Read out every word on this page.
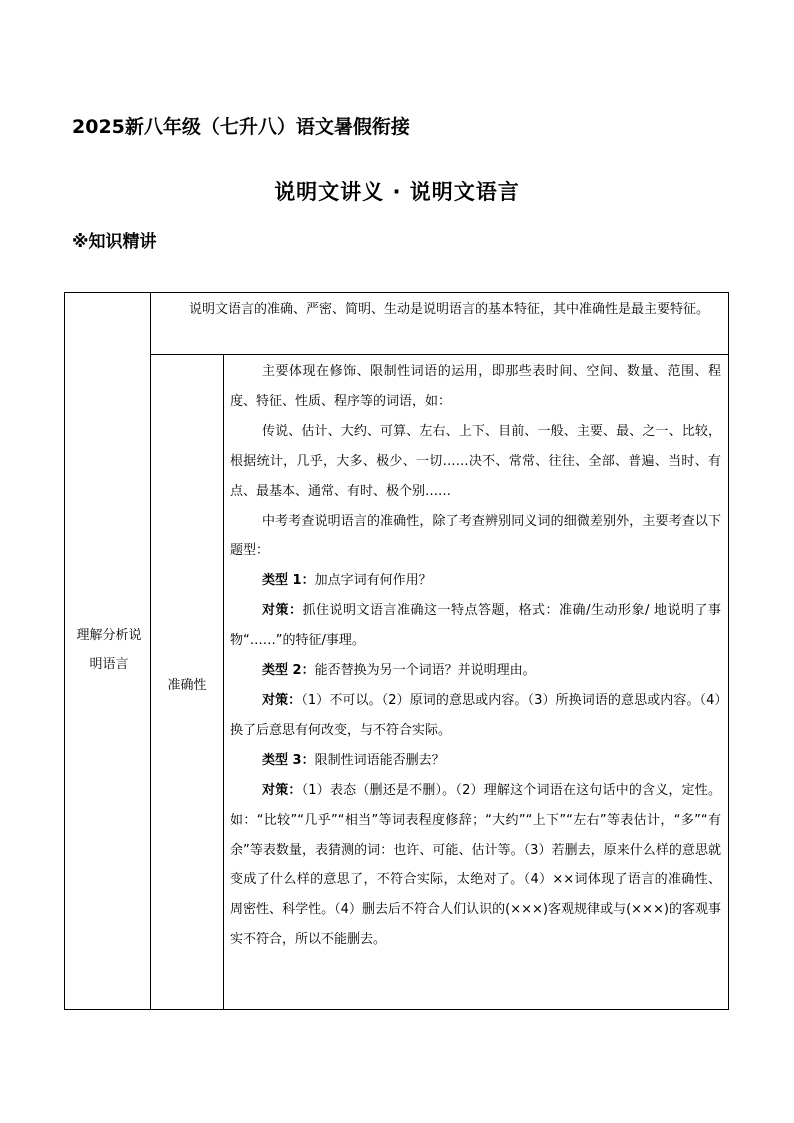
2025新八年级（七升八）语文暑假衔接
说明文讲义 · 说明文语言
※知识精讲
理解分析说明语言
说明文语言的准确、严密、简明、生动是说明语言的基本特征，其中准确性是最主要特征。
准确性

主要体现在修饰、限制性词语的运用，即那些表时间、空间、数量、范围、程度、特征、性质、程序等的词语，如：

传说、估计、大约、可算、左右、上下、目前、一般、主要、最、之一、比较，根据统计，几乎，大多、极少、一切……决不、常常、往往、全部、普遍、当时、有点、最基本、通常、有时、极个别……

中考考查说明语言的准确性，除了考查辨别同义词的细微差别外，主要考查以下题型：

类型 1：加点字词有何作用？

对策：抓住说明文语言准确这一特点答题，格式：准确/生动形象/ 地说明了事物“……”的特征/事理。

类型 2：能否替换为另一个词语？并说明理由。

对策：（1）不可以。（2）原词的意思或内容。（3）所换词语的意思或内容。（4）换了后意思有何改变，与不符合实际。

类型 3：限制性词语能否删去？

对策：（1）表态（删还是不删）。（2）理解这个词语在这句话中的含义，定性。如：“比较”“几乎”“相当”等词表程度修辞；“大约”“上下”“左右”等表估计，“多”“有余”等表数量，表猜测的词：也许、可能、估计等。（3）若删去，原来什么样的意思就变成了什么样的意思了，不符合实际，太绝对了。（4）××词体现了语言的准确性、周密性、科学性。（4）删去后不符合人们认识的(×××)客观规律或与(×××)的客观事实不符合，所以不能删去。
